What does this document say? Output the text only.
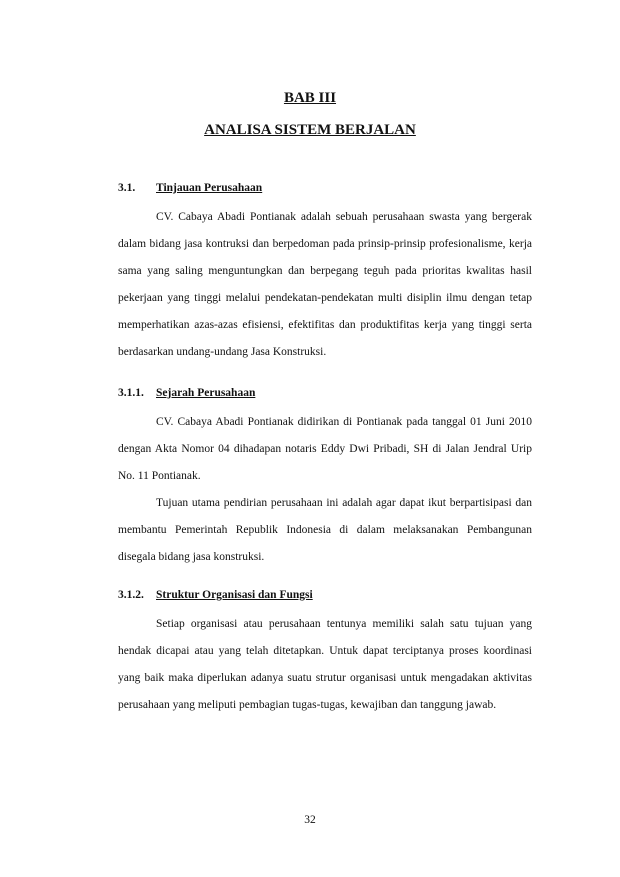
BAB III
ANALISA SISTEM BERJALAN
3.1. Tinjauan Perusahaan

CV. Cabaya Abadi Pontianak adalah sebuah perusahaan swasta yang bergerak dalam bidang jasa kontruksi dan berpedoman pada prinsip-prinsip profesionalisme, kerja sama yang saling menguntungkan dan berpegang teguh pada prioritas kwalitas hasil pekerjaan yang tinggi melalui pendekatan-pendekatan multi disiplin ilmu dengan tetap memperhatikan azas-azas efisiensi, efektifitas dan produktifitas kerja yang tinggi serta berdasarkan undang-undang Jasa Konstruksi.

3.1.1. Sejarah Perusahaan

CV. Cabaya Abadi Pontianak didirikan di Pontianak pada tanggal 01 Juni 2010 dengan Akta Nomor 04 dihadapan notaris Eddy Dwi Pribadi, SH di Jalan Jendral Urip No. 11 Pontianak.

Tujuan utama pendirian perusahaan ini adalah agar dapat ikut berpartisipasi dan membantu Pemerintah Republik Indonesia di dalam melaksanakan Pembangunan disegala bidang jasa konstruksi.

3.1.2. Struktur Organisasi dan Fungsi

Setiap organisasi atau perusahaan tentunya memiliki salah satu tujuan yang hendak dicapai atau yang telah ditetapkan. Untuk dapat terciptanya proses koordinasi yang baik maka diperlukan adanya suatu strutur organisasi untuk mengadakan aktivitas perusahaan yang meliputi pembagian tugas-tugas, kewajiban dan tanggung jawab.

32
